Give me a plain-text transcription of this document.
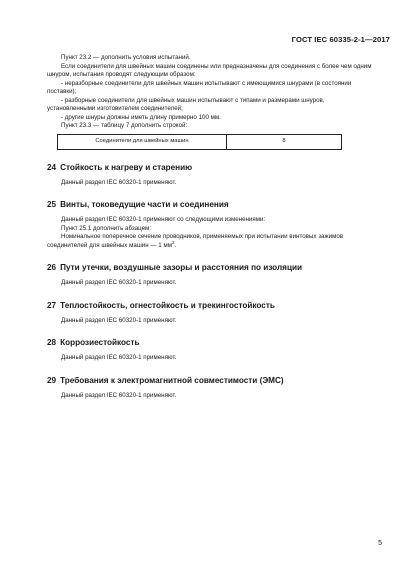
ГОСТ IEC 60335-2-1—2017

Пункт 23.2 — дополнить условия испытаний.

Если соединители для швейных машин соединены или предназначены для соединения с более чем одним шнуром, испытания проводят следующим образом:

- неразборные соединители для швейных машин испытывают с имеющимися шнурами (в состоянии поставки);

- разборные соединители для швейных машин испытывают с типами и размерами шнуров, установленными изготовителем соединителей;

- другие шнуры должны иметь длину примерно 100 мм.

Пункт 23.3 — таблицу 7 дополнить строкой:

Соединители для швейных машин	8
24 Стойкость к нагреву и старению

Данный раздел IEC 60320-1 применяют.

25 Винты, токоведущие части и соединения

Данный раздел IEC 60320-1 применяют со следующими изменениями:

Пункт 25.1 дополнить абзацем:

Номинальное поперечное сечение проводников, применяемых при испытании винтовых зажимов соединителей для швейных машин — 1 $мм^2$.

26 Пути утечки, воздушные зазоры и расстояния по изоляции

Данный раздел IEC 60320-1 применяют.

27 Теплостойкость, огнестойкость и трекингостойкость

Данный раздел IEC 60320-1 применяют.

28 Коррозиестойкость

Данный раздел IEC 60320-1 применяют.

29 Требования к электромагнитной совместимости (ЭМС)

Данный раздел IEC 60320-1 применяют.

5
